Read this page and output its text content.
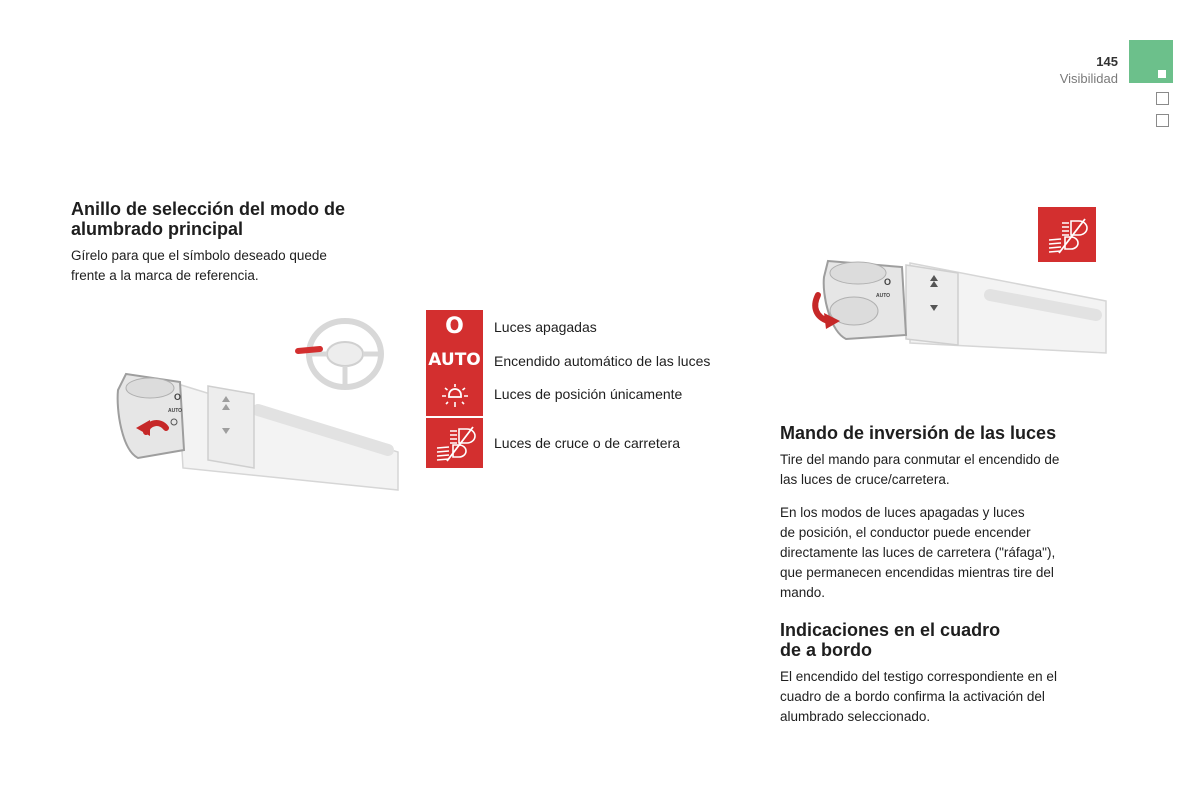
145
Visibilidad
Anillo de selección del modo de
alumbrado principal
Gírelo para que el símbolo deseado quede
frente a la marca de referencia.
O
AUTO
O Luces apagadas
AUTO Encendido automático de las luces
Luces de posición únicamente
Luces de cruce o de carretera
O
AUTO
Mando de inversión de las luces
Tire del mando para conmutar el encendido de
las luces de cruce/carretera.
En los modos de luces apagadas y luces
de posición, el conductor puede encender
directamente las luces de carretera ("ráfaga"),
que permanecen encendidas mientras tire del
mando.
Indicaciones en el cuadro
de a bordo
El encendido del testigo correspondiente en el
cuadro de a bordo confirma la activación del
alumbrado seleccionado.
